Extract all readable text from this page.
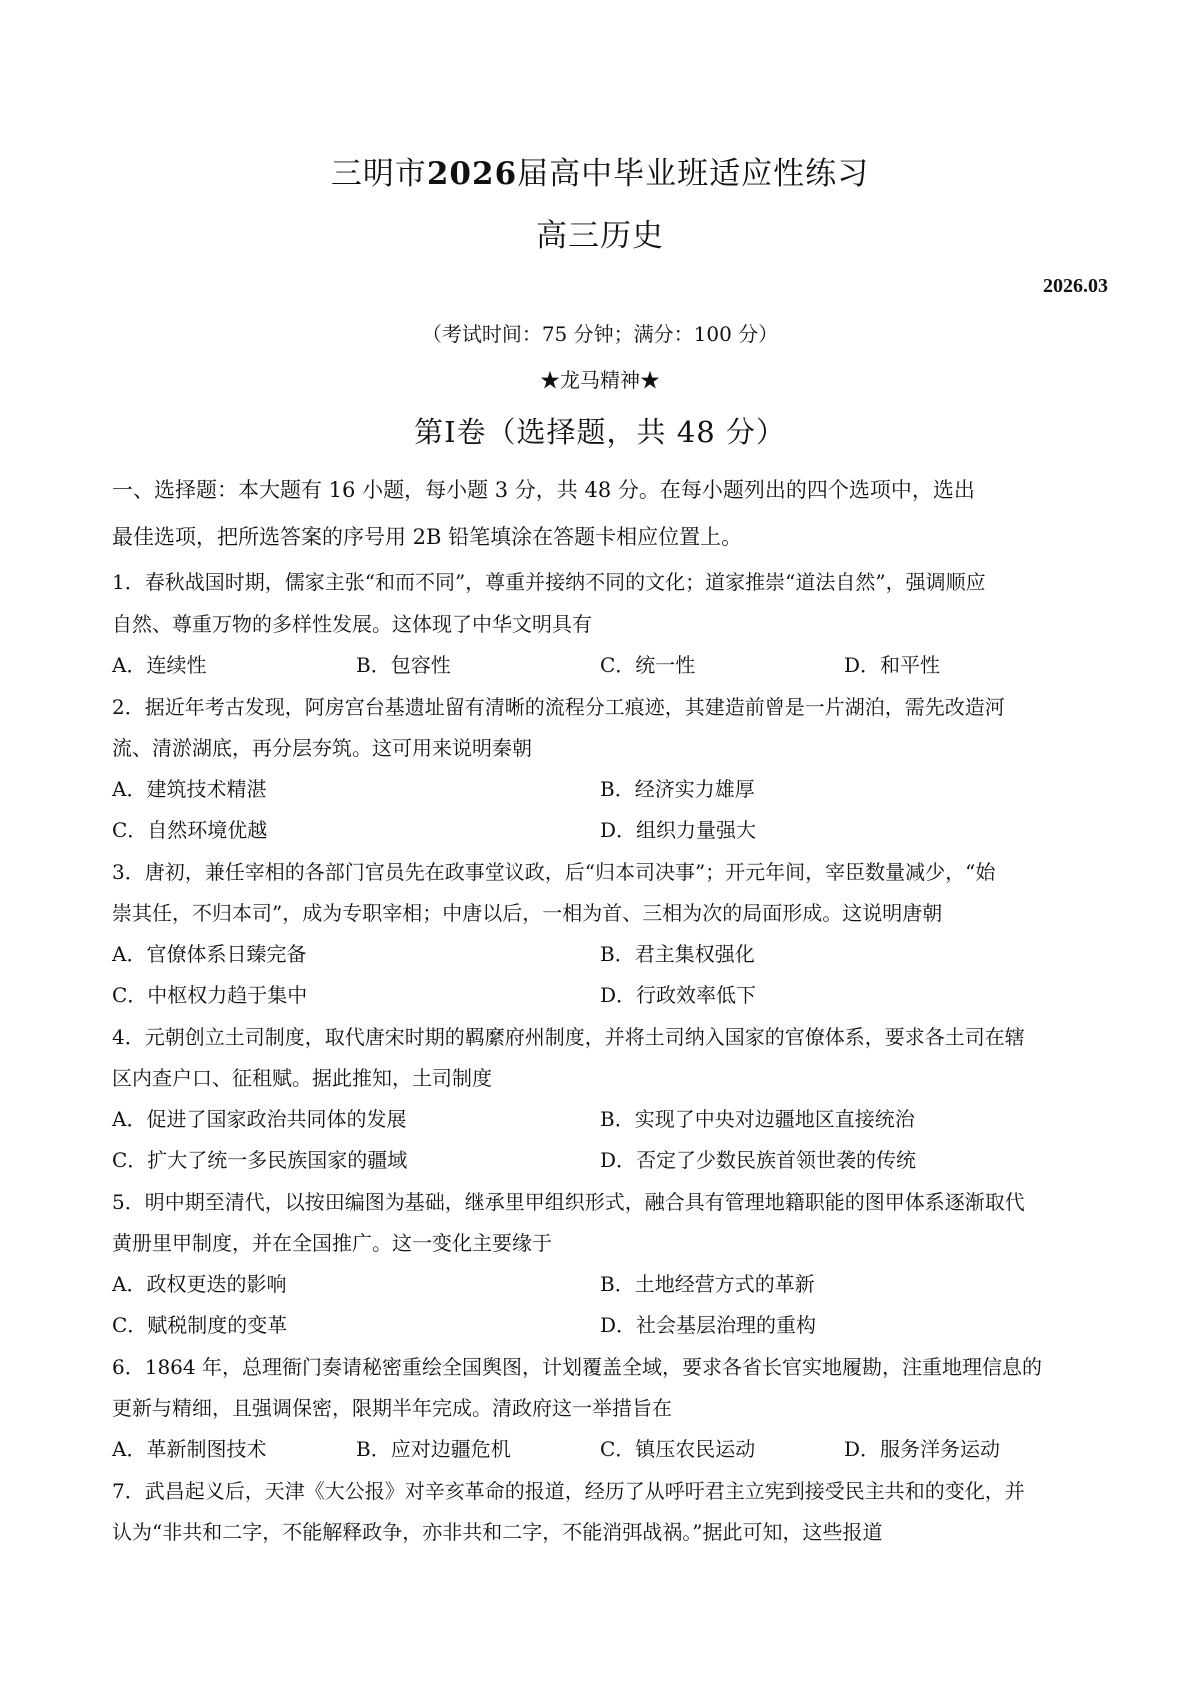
三明市2026届高中毕业班适应性练习
高三历史
2026.03
（考试时间：75 分钟；满分：100 分）
★龙马精神★
第Ⅰ卷（选择题，共 48 分）
一、选择题：本大题有 16 小题，每小题 3 分，共 48 分。在每小题列出的四个选项中，选出
最佳选项，把所选答案的序号用 2B 铅笔填涂在答题卡相应位置上。
1．春秋战国时期，儒家主张“和而不同”，尊重并接纳不同的文化；道家推崇“道法自然”，强调顺应
自然、尊重万物的多样性发展。这体现了中华文明具有
A．连续性	B．包容性	C．统一性	D．和平性
2．据近年考古发现，阿房宫台基遗址留有清晰的流程分工痕迹，其建造前曾是一片湖泊，需先改造河
流、清淤湖底，再分层夯筑。这可用来说明秦朝
A．建筑技术精湛	B．经济实力雄厚
C．自然环境优越	D．组织力量强大
3．唐初，兼任宰相的各部门官员先在政事堂议政，后“归本司决事”；开元年间，宰臣数量减少，“始
崇其任，不归本司”，成为专职宰相；中唐以后，一相为首、三相为次的局面形成。这说明唐朝
A．官僚体系日臻完备	B．君主集权强化
C．中枢权力趋于集中	D．行政效率低下
4．元朝创立土司制度，取代唐宋时期的羁縻府州制度，并将土司纳入国家的官僚体系，要求各土司在辖
区内查户口、征租赋。据此推知，土司制度
A．促进了国家政治共同体的发展	B．实现了中央对边疆地区直接统治
C．扩大了统一多民族国家的疆域	D．否定了少数民族首领世袭的传统
5．明中期至清代，以按田编图为基础，继承里甲组织形式，融合具有管理地籍职能的图甲体系逐渐取代
黄册里甲制度，并在全国推广。这一变化主要缘于
A．政权更迭的影响	B．土地经营方式的革新
C．赋税制度的变革	D．社会基层治理的重构
6．1864 年，总理衙门奏请秘密重绘全国舆图，计划覆盖全域，要求各省长官实地履勘，注重地理信息的
更新与精细，且强调保密，限期半年完成。清政府这一举措旨在
A．革新制图技术	B．应对边疆危机	C．镇压农民运动	D．服务洋务运动
7．武昌起义后，天津《大公报》对辛亥革命的报道，经历了从呼吁君主立宪到接受民主共和的变化，并
认为“非共和二字，不能解释政争，亦非共和二字，不能消弭战祸。”据此可知，这些报道
